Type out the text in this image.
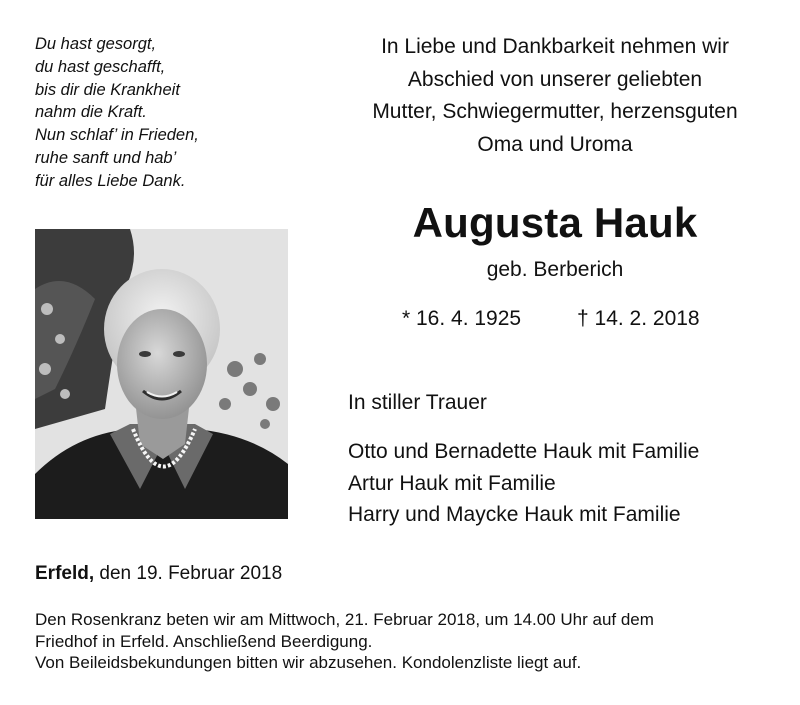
Du hast gesorgt,
du hast geschafft,
bis dir die Krankheit
nahm die Kraft.
Nun schlaf’ in Frieden,
ruhe sanft und hab’
für alles Liebe Dank.
In Liebe und Dankbarkeit nehmen wir
Abschied von unserer geliebten
Mutter, Schwiegermutter, herzensguten
Oma und Uroma
Augusta Hauk
geb. Berberich
* 16. 4. 1925	† 14. 2. 2018
In stiller Trauer
Otto und Bernadette Hauk mit Familie
Artur Hauk mit Familie
Harry und Maycke Hauk mit Familie
Erfeld, den 19. Februar 2018
Den Rosenkranz beten wir am Mittwoch, 21. Februar 2018, um 14.00 Uhr auf dem
Friedhof in Erfeld. Anschließend Beerdigung.
Von Beileidsbekundungen bitten wir abzusehen. Kondolenzliste liegt auf.
